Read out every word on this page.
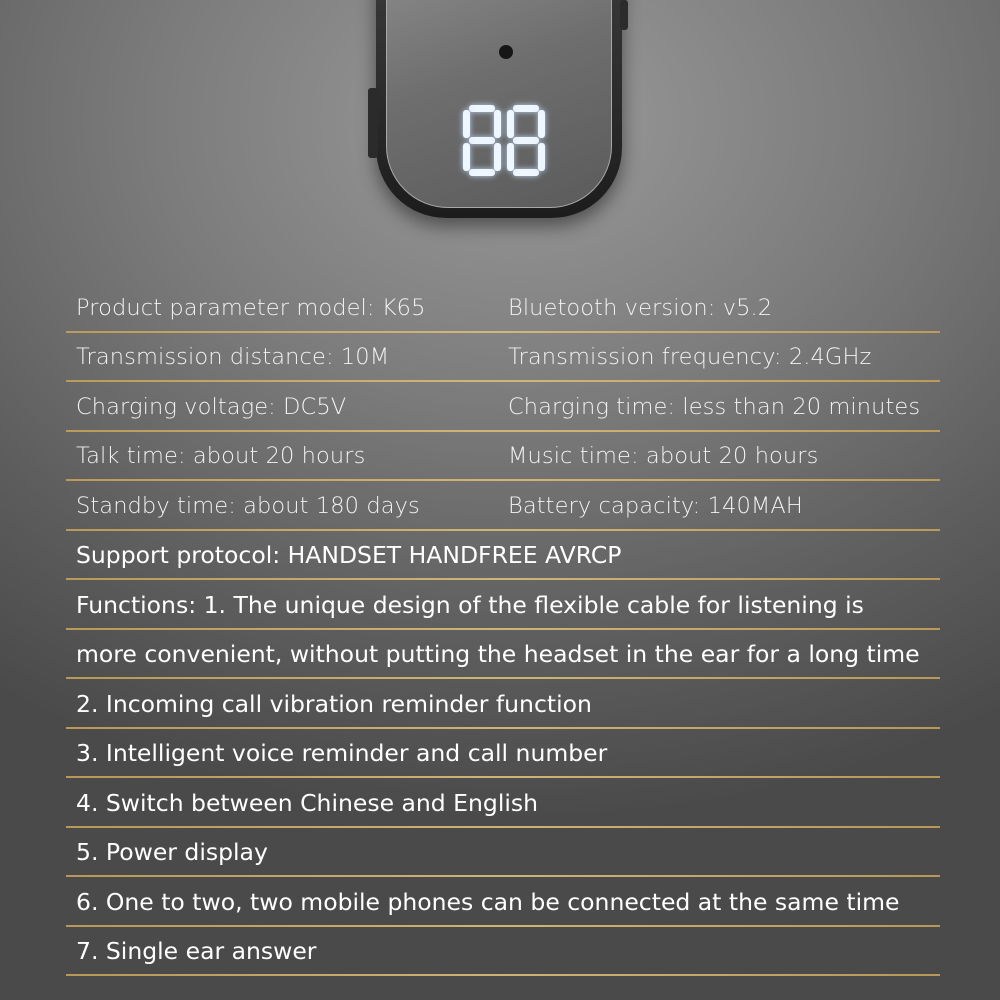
Product parameter model: K65	Bluetooth version: v5.2
Transmission distance: 10M	Transmission frequency: 2.4GHz
Charging voltage: DC5V	Charging time: less than 20 minutes
Talk time: about 20 hours	Music time: about 20 hours
Standby time: about 180 days	Battery capacity: 140MAH
Support protocol: HANDSET HANDFREE AVRCP
Functions: 1. The unique design of the flexible cable for listening is
more convenient, without putting the headset in the ear for a long time
2. Incoming call vibration reminder function
3. Intelligent voice reminder and call number
4. Switch between Chinese and English
5. Power display
6. One to two, two mobile phones can be connected at the same time
7. Single ear answer
